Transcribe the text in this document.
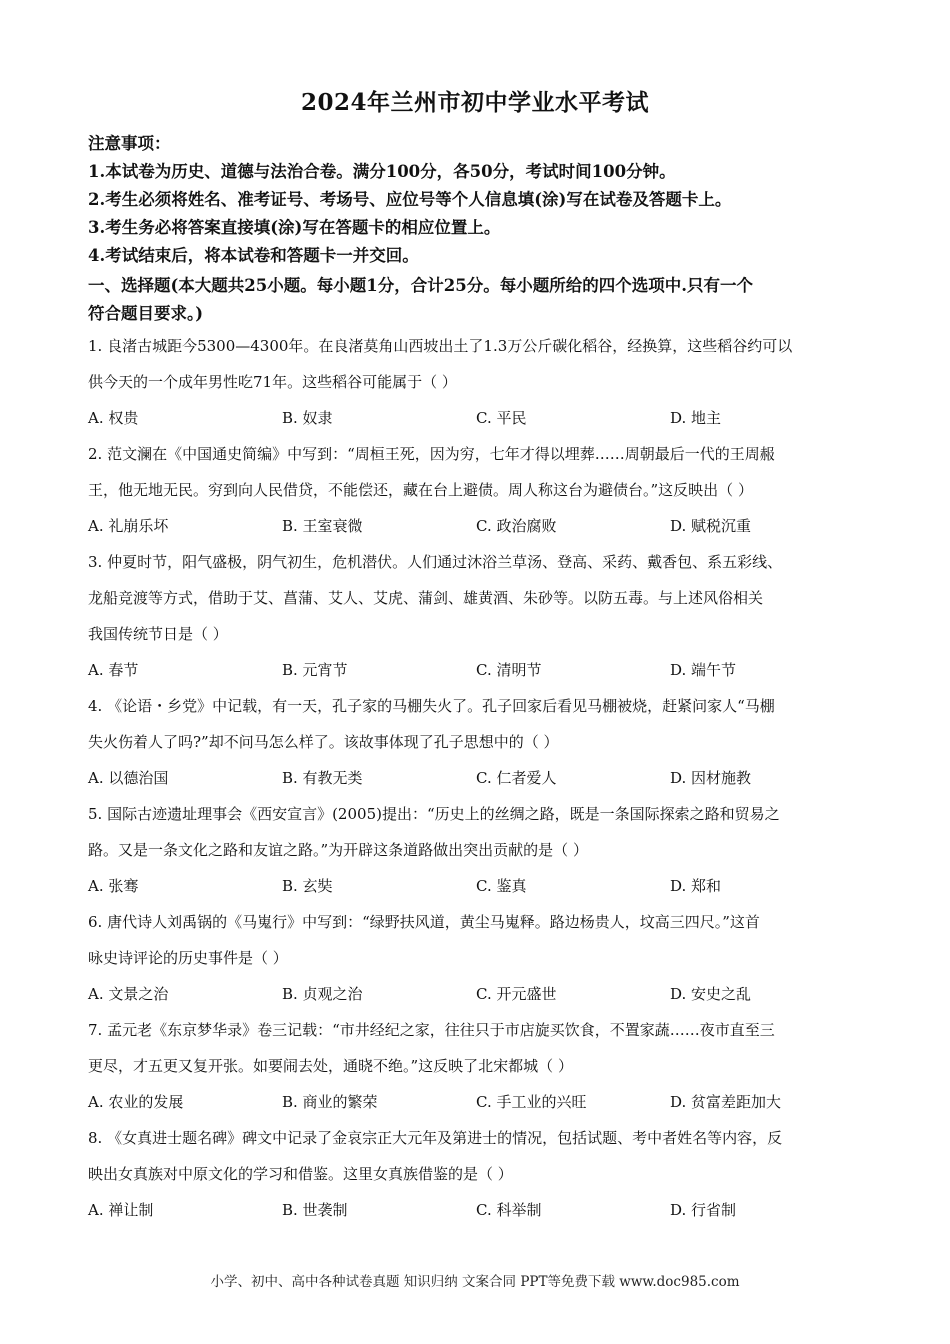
2024年兰州市初中学业水平考试
注意事项：
1.本试卷为历史、道德与法治合卷。满分100分，各50分，考试时间100分钟。
2.考生必须将姓名、准考证号、考场号、应位号等个人信息填(涂)写在试卷及答题卡上。
3.考生务必将答案直接填(涂)写在答题卡的相应位置上。
4.考试结束后，将本试卷和答题卡一并交回。
一、选择题(本大题共25小题。每小题1分，合计25分。每小题所给的四个选项中.只有一个
符合题目要求。)
1. 良渚古城距今5300—4300年。在良渚莫角山西坡出土了1.3万公斤碳化稻谷，经换算，这些稻谷约可以
供今天的一个成年男性吃71年。这些稻谷可能属于（ ）
A. 权贵	B. 奴隶	C. 平民	D. 地主
2. 范文澜在《中国通史简编》中写到：“周桓王死，因为穷，七年才得以埋葬……周朝最后一代的王周赧
王，他无地无民。穷到向人民借贷，不能偿还，藏在台上避债。周人称这台为避债台。”这反映出（ ）
A. 礼崩乐坏	B. 王室衰微	C. 政治腐败	D. 赋税沉重
3. 仲夏时节，阳气盛极，阴气初生，危机潜伏。人们通过沐浴兰草汤、登高、采药、戴香包、系五彩线、
龙船竞渡等方式，借助于艾、菖蒲、艾人、艾虎、蒲剑、雄黄酒、朱砂等。以防五毒。与上述风俗相关
我国传统节日是（ ）
A. 春节	B. 元宵节	C. 清明节	D. 端午节
4. 《论语・乡党》中记载，有一天，孔子家的马棚失火了。孔子回家后看见马棚被烧，赶紧问家人“马棚
失火伤着人了吗?”却不问马怎么样了。该故事体现了孔子思想中的（ ）
A. 以德治国	B. 有教无类	C. 仁者爱人	D. 因材施教
5. 国际古迹遗址理事会《西安宣言》(2005)提出：“历史上的丝绸之路，既是一条国际探索之路和贸易之
路。又是一条文化之路和友谊之路。”为开辟这条道路做出突出贡献的是（ ）
A. 张骞	B. 玄奘	C. 鉴真	D. 郑和
6. 唐代诗人刘禹锅的《马嵬行》中写到：“绿野扶风道，黄尘马嵬释。路边杨贵人，坟高三四尺。”这首
咏史诗评论的历史事件是（ ）
A. 文景之治	B. 贞观之治	C. 开元盛世	D. 安史之乱
7. 孟元老《东京梦华录》卷三记载：“市井经纪之家，往往只于市店旋买饮食，不置家蔬……夜市直至三
更尽，才五更又复开张。如要闹去处，通晓不绝。”这反映了北宋都城（ ）
A. 农业的发展	B. 商业的繁荣	C. 手工业的兴旺	D. 贫富差距加大
8. 《女真进士题名碑》碑文中记录了金哀宗正大元年及第进士的情况，包括试题、考中者姓名等内容，反
映出女真族对中原文化的学习和借鉴。这里女真族借鉴的是（ ）
A. 禅让制	B. 世袭制	C. 科举制	D. 行省制
小学、初中、高中各种试卷真题 知识归纳 文案合同 PPT等免费下载 www.doc985.com
